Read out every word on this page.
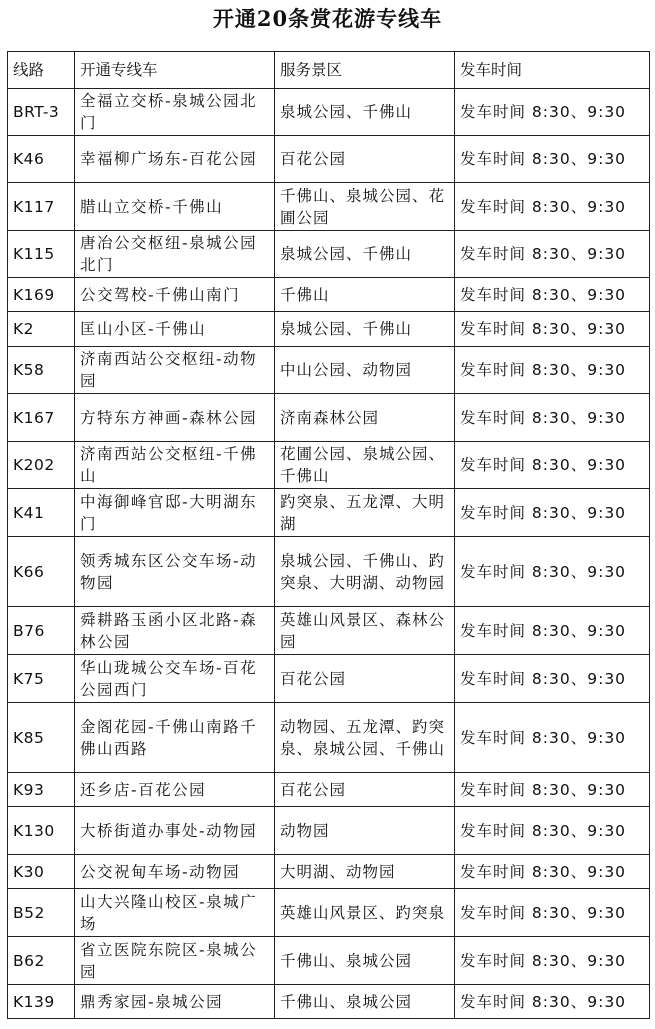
开通20条赏花游专线车
线路	开通专线车	服务景区	发车时间
BRT-3	全福立交桥-泉城公园北门	泉城公园、千佛山	发车时间 8:30、9:30
K46	幸福柳广场东-百花公园	百花公园	发车时间 8:30、9:30
K117	腊山立交桥-千佛山	千佛山、泉城公园、花圃公园	发车时间 8:30、9:30
K115	唐冶公交枢纽-泉城公园北门	泉城公园、千佛山	发车时间 8:30、9:30
K169	公交驾校-千佛山南门	千佛山	发车时间 8:30、9:30
K2	匡山小区-千佛山	泉城公园、千佛山	发车时间 8:30、9:30
K58	济南西站公交枢纽-动物园	中山公园、动物园	发车时间 8:30、9:30
K167	方特东方神画-森林公园	济南森林公园	发车时间 8:30、9:30
K202	济南西站公交枢纽-千佛山	花圃公园、泉城公园、千佛山	发车时间 8:30、9:30
K41	中海御峰官邸-大明湖东门	趵突泉、五龙潭、大明湖	发车时间 8:30、9:30
K66	领秀城东区公交车场-动物园	泉城公园、千佛山、趵突泉、大明湖、动物园	发车时间 8:30、9:30
B76	舜耕路玉函小区北路-森林公园	英雄山风景区、森林公园	发车时间 8:30、9:30
K75	华山珑城公交车场-百花公园西门	百花公园	发车时间 8:30、9:30
K85	金阁花园-千佛山南路千佛山西路	动物园、五龙潭、趵突泉、泉城公园、千佛山	发车时间 8:30、9:30
K93	还乡店-百花公园	百花公园	发车时间 8:30、9:30
K130	大桥街道办事处-动物园	动物园	发车时间 8:30、9:30
K30	公交祝甸车场-动物园	大明湖、动物园	发车时间 8:30、9:30
B52	山大兴隆山校区-泉城广场	英雄山风景区、趵突泉	发车时间 8:30、9:30
B62	省立医院东院区-泉城公园	千佛山、泉城公园	发车时间 8:30、9:30
K139	鼎秀家园-泉城公园	千佛山、泉城公园	发车时间 8:30、9:30
